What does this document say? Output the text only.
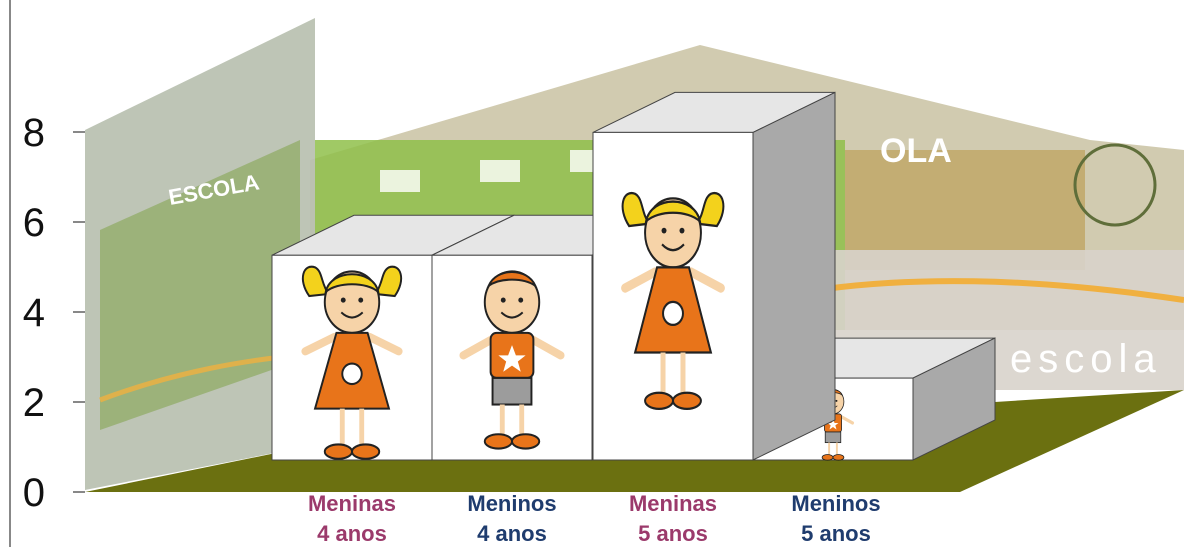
OLA
escola
ESCOLA
0
2
4
6
8
Meninas 4 anos
Meninos 4 anos
Meninas 5 anos
Meninos 5 anos
